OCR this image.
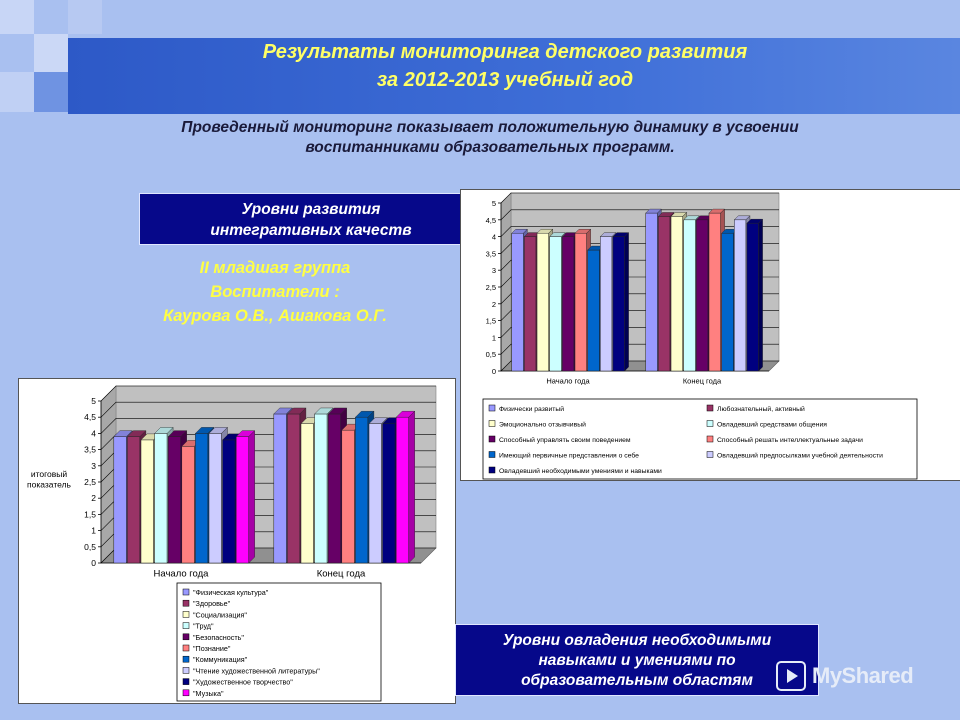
Результаты мониторинга детского развития
за 2012-2013 учебный год
Проведенный мониторинг показывает положительную динамику в усвоении
воспитанниками образовательных программ.
Уровни развития
интегративных качеств
II младшая группа
Воспитатели :
Каурова О.В., Ашакова О.Г.
0
0,5
1
1,5
2
2,5
3
3,5
4
4,5
5
Начало года	Конец года
Физически развитый	Любознательный, активный
Эмоционально отзывчивый	Овладевший средствами общения
Способный управлять своим поведением	Способный решать интеллектуальные задачи
Имеющий первичные представления о себе	Овладевший предпосылками учебной деятельности
Овладевший необходимыми умениями и навыками
0
0,5
1
1,5
2
2,5
3
3,5
4
4,5
5
Начало года	Конец года
итоговый
показатель
"Физическая культура"
"Здоровье"
"Социализация"
"Труд"
"Безопасность"
"Познание"
"Коммуникация"
"Чтение художественной литературы"
"Художественное творчество"
"Музыка"
Уровни овладения необходимыми
навыками и умениями по
образовательным областям	MyShared
